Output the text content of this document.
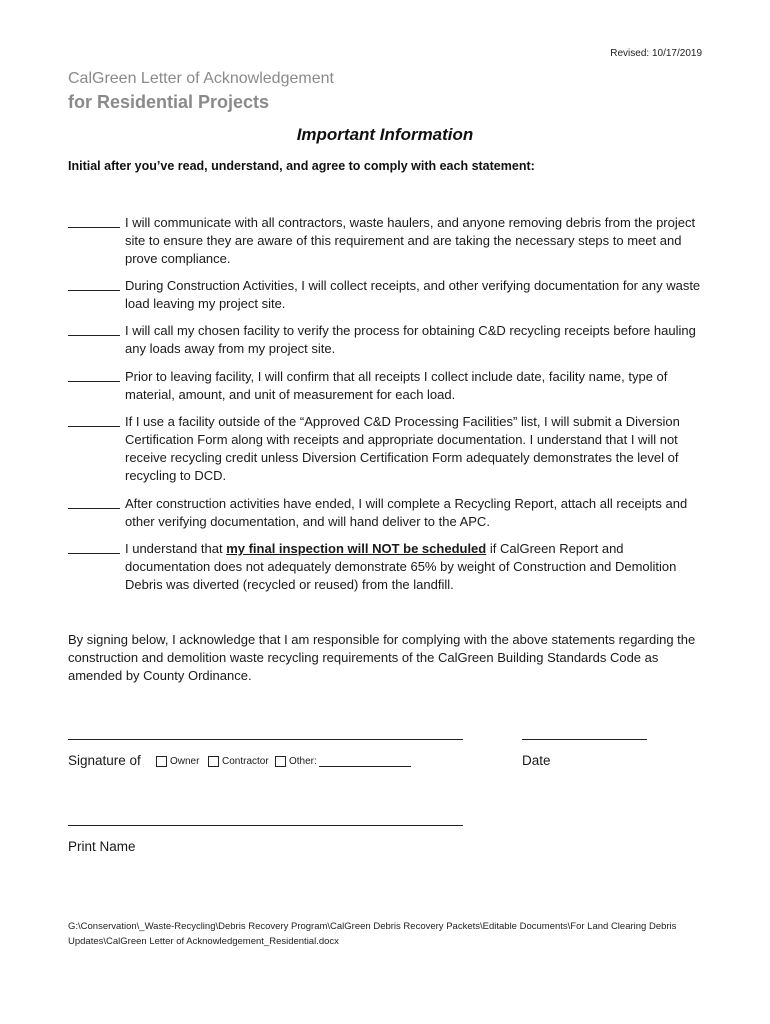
Revised: 10/17/2019
CalGreen Letter of Acknowledgement
for Residential Projects
Important Information
Initial after you’ve read, understand, and agree to comply with each statement:
I will communicate with all contractors, waste haulers, and anyone removing debris from the project site to ensure they are aware of this requirement and are taking the necessary steps to meet and prove compliance.
During Construction Activities, I will collect receipts, and other verifying documentation for any waste load leaving my project site.
I will call my chosen facility to verify the process for obtaining C&D recycling receipts before hauling any loads away from my project site.
Prior to leaving facility, I will confirm that all receipts I collect include date, facility name, type of material, amount, and unit of measurement for each load.
If I use a facility outside of the “Approved C&D Processing Facilities” list, I will submit a Diversion Certification Form along with receipts and appropriate documentation. I understand that I will not receive recycling credit unless Diversion Certification Form adequately demonstrates the level of recycling to DCD.
After construction activities have ended, I will complete a Recycling Report, attach all receipts and other verifying documentation, and will hand deliver to the APC.
I understand that my final inspection will NOT be scheduled if CalGreen Report and documentation does not adequately demonstrate 65% by weight of Construction and Demolition Debris was diverted (recycled or reused) from the landfill.
By signing below, I acknowledge that I am responsible for complying with the above statements regarding the construction and demolition waste recycling requirements of the CalGreen Building Standards Code as amended by County Ordinance.
Signature of	Owner Contractor Other:	Date
Print Name
G:\Conservation\_Waste-Recycling\Debris Recovery Program\CalGreen Debris Recovery Packets\Editable Documents\For Land Clearing Debris Updates\CalGreen Letter of Acknowledgement_Residential.docx
